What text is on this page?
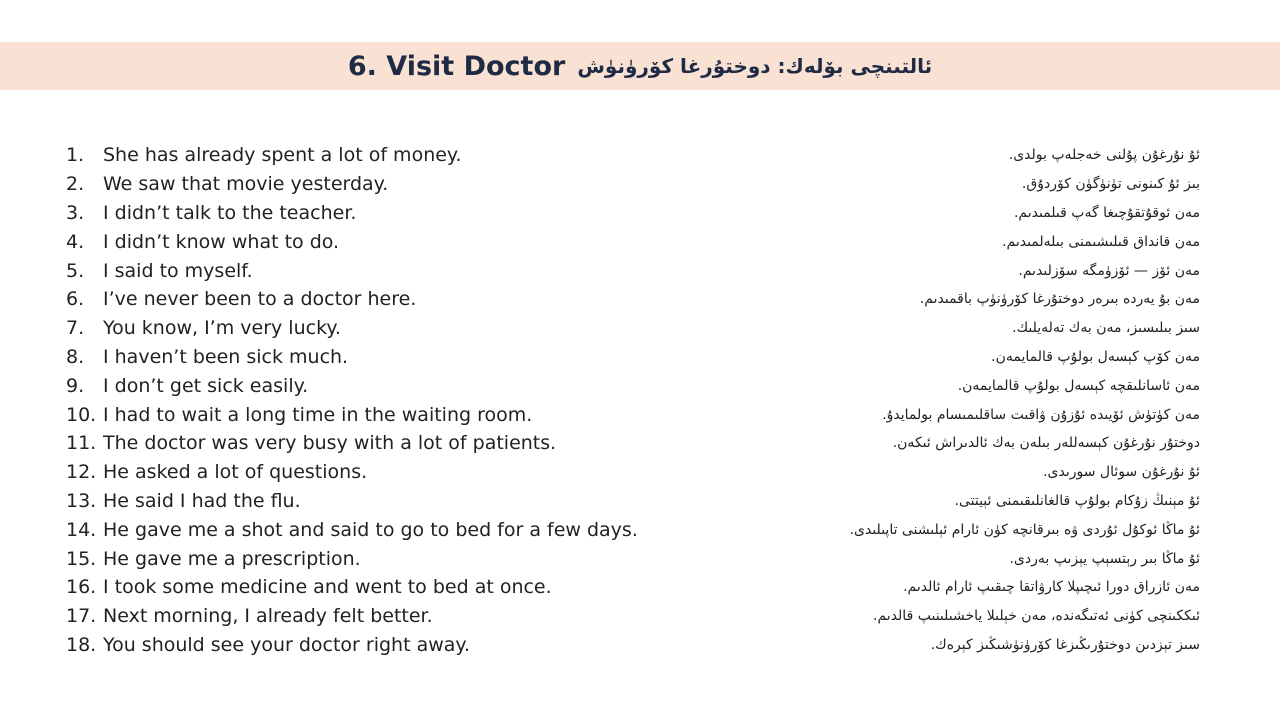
6. Visit Doctor ئالتىنچى بۆلەك: دوختۇرغا كۆرۈنۈش
1. She has already spent a lot of money.	ئۇ نۇرغۇن پۇلنى خەجلەپ بولدى.
2. We saw that movie yesterday.	بىز ئۇ كىنونى تۈنۈگۈن كۆردۇق.
3. I didn’t talk to the teacher.	مەن ئوقۇتقۇچىغا گەپ قىلمىدىم.
4. I didn’t know what to do.	مەن قانداق قىلىشىمنى بىلەلمىدىم.
5. I said to myself.	مەن ئۆز — ئۆزۈمگە سۆزلىدىم.
6. I’ve never been to a doctor here.	مەن بۇ يەردە بىرەر دوختۇرغا كۆرۈنۈپ باقمىدىم.
7. You know, I’m very lucky.	سىز بىلىسىز، مەن بەك تەلەيلىك.
8. I haven’t been sick much.	مەن كۆپ كېسەل بولۇپ قالمايمەن.
9. I don’t get sick easily.	مەن ئاسانلىقچە كېسەل بولۇپ قالمايمەن.
10. I had to wait a long time in the waiting room.	مەن كۈتۈش ئۆيىدە ئۇزۇن ۋاقىت ساقلىمىسام بولمايدۇ.
11. The doctor was very busy with a lot of patients.	دوختۇر نۇرغۇن كېسەللەر بىلەن بەك ئالدىراش ئىكەن.
12. He asked a lot of questions.	ئۇ نۇرغۇن سوئال سورىدى.
13. He said I had the flu.	ئۇ مېنىڭ زۇكام بولۇپ قالغانلىقىمنى ئېيتتى.
14. He gave me a shot and said to go to bed for a few days.	ئۇ ماڭا ئوكۇل ئۇردى ۋە بىرقانچە كۈن ئارام ئېلىشنى تاپىلىدى.
15. He gave me a prescription.	ئۇ ماڭا بىر رېتسېپ يېزىپ بەردى.
16. I took some medicine and went to bed at once.	مەن ئازراق دورا ئىچىپلا كارۋاتقا چىقىپ ئارام ئالدىم.
17. Next morning, I already felt better.	ئىككىنچى كۈنى ئەتىگەندە، مەن خېلىلا ياخشىلىنىپ قالدىم.
18. You should see your doctor right away.	سىز تېزدىن دوختۇرىڭىزغا كۆرۈنۈشىڭىز كېرەك.
